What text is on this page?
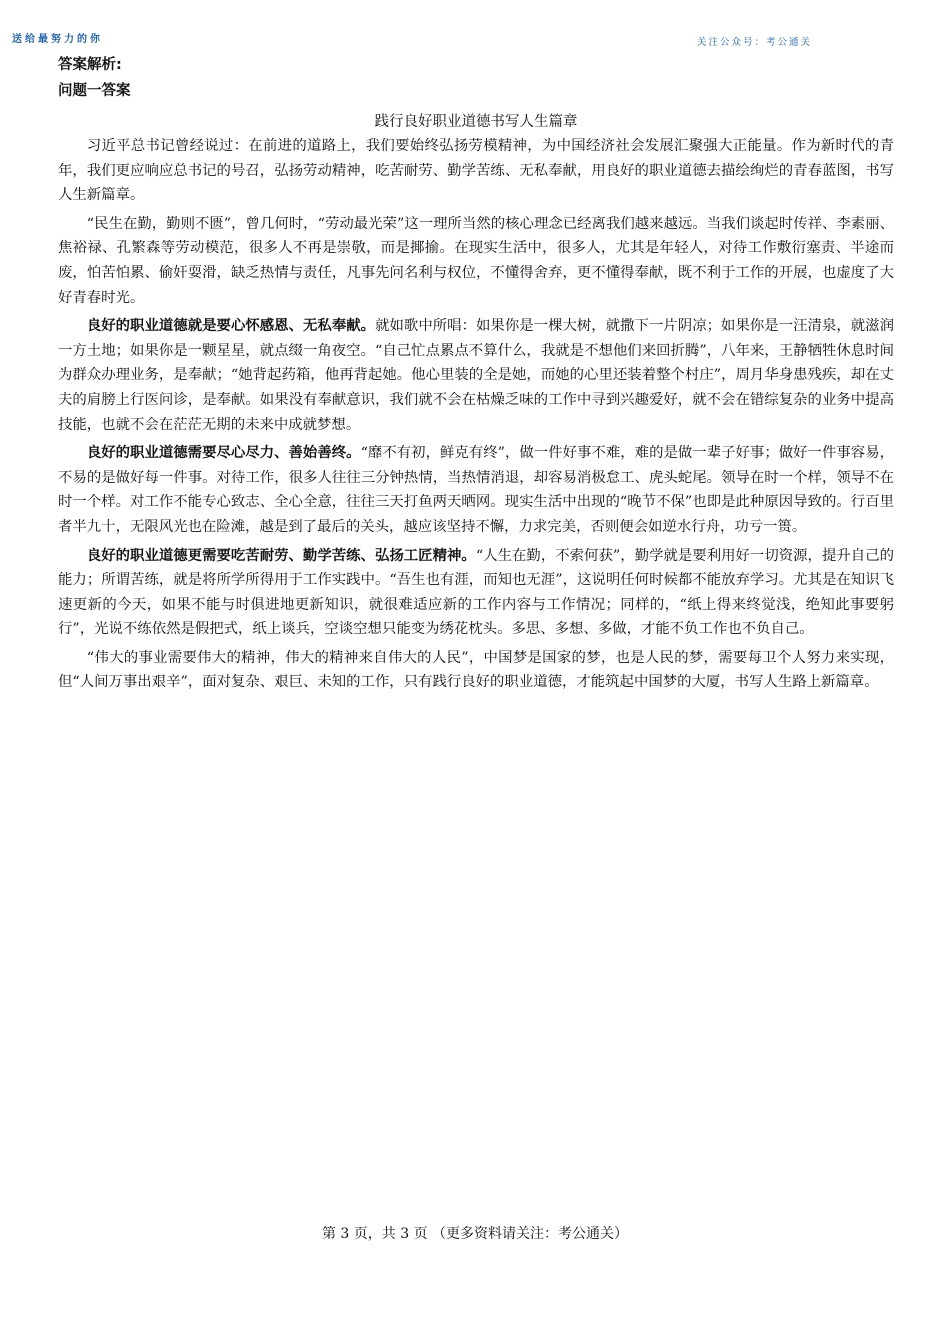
送给最努力的你	关注公众号：考公通关
答案解析:
问题一答案
践行良好职业道德书写人生篇章

习近平总书记曾经说过：在前进的道路上，我们要始终弘扬劳模精神，为中国经济社会发展汇聚强大正能量。作为新时代的青年，我们更应响应总书记的号召，弘扬劳动精神，吃苦耐劳、勤学苦练、无私奉献，用良好的职业道德去描绘绚烂的青春蓝图，书写人生新篇章。

“民生在勤，勤则不匮”，曾几何时，“劳动最光荣”这一理所当然的核心理念已经离我们越来越远。当我们谈起时传祥、李素丽、焦裕禄、孔繁森等劳动模范，很多人不再是崇敬，而是揶揄。在现实生活中，很多人，尤其是年轻人，对待工作敷衍塞责、半途而废，怕苦怕累、偷奸耍滑，缺乏热情与责任，凡事先问名利与权位，不懂得舍弃，更不懂得奉献，既不利于工作的开展，也虚度了大好青春时光。

良好的职业道德就是要心怀感恩、无私奉献。就如歌中所唱：如果你是一棵大树，就撒下一片阴凉；如果你是一汪清泉，就滋润一方土地；如果你是一颗星星，就点缀一角夜空。“自己忙点累点不算什么，我就是不想他们来回折腾”，八年来，王静牺牲休息时间为群众办理业务，是奉献；“她背起药箱，他再背起她。他心里装的全是她，而她的心里还装着整个村庄”，周月华身患残疾，却在丈夫的肩膀上行医问诊，是奉献。如果没有奉献意识，我们就不会在枯燥乏味的工作中寻到兴趣爱好，就不会在错综复杂的业务中提高技能，也就不会在茫茫无期的未来中成就梦想。

良好的职业道德需要尽心尽力、善始善终。“靡不有初，鲜克有终”，做一件好事不难，难的是做一辈子好事；做好一件事容易，不易的是做好每一件事。对待工作，很多人往往三分钟热情，当热情消退，却容易消极怠工、虎头蛇尾。领导在时一个样，领导不在时一个样。对工作不能专心致志、全心全意，往往三天打鱼两天晒网。现实生活中出现的“晚节不保”也即是此种原因导致的。行百里者半九十，无限风光也在险滩，越是到了最后的关头，越应该坚持不懈，力求完美，否则便会如逆水行舟，功亏一篑。

良好的职业道德更需要吃苦耐劳、勤学苦练、弘扬工匠精神。“人生在勤，不索何获”，勤学就是要利用好一切资源，提升自己的能力；所谓苦练，就是将所学所得用于工作实践中。“吾生也有涯，而知也无涯”，这说明任何时候都不能放弃学习。尤其是在知识飞速更新的今天，如果不能与时俱进地更新知识，就很难适应新的工作内容与工作情况；同样的，“纸上得来终觉浅，绝知此事要躬行”，光说不练依然是假把式，纸上谈兵，空谈空想只能变为绣花枕头。多思、多想、多做，才能不负工作也不负自己。

“伟大的事业需要伟大的精神，伟大的精神来自伟大的人民”，中国梦是国家的梦，也是人民的梦，需要每卫个人努力来实现，但“人间万事出艰辛”，面对复杂、艰巨、未知的工作，只有践行良好的职业道德，才能筑起中国梦的大厦，书写人生路上新篇章。

第 3 页，共 3 页 （更多资料请关注：考公通关）
